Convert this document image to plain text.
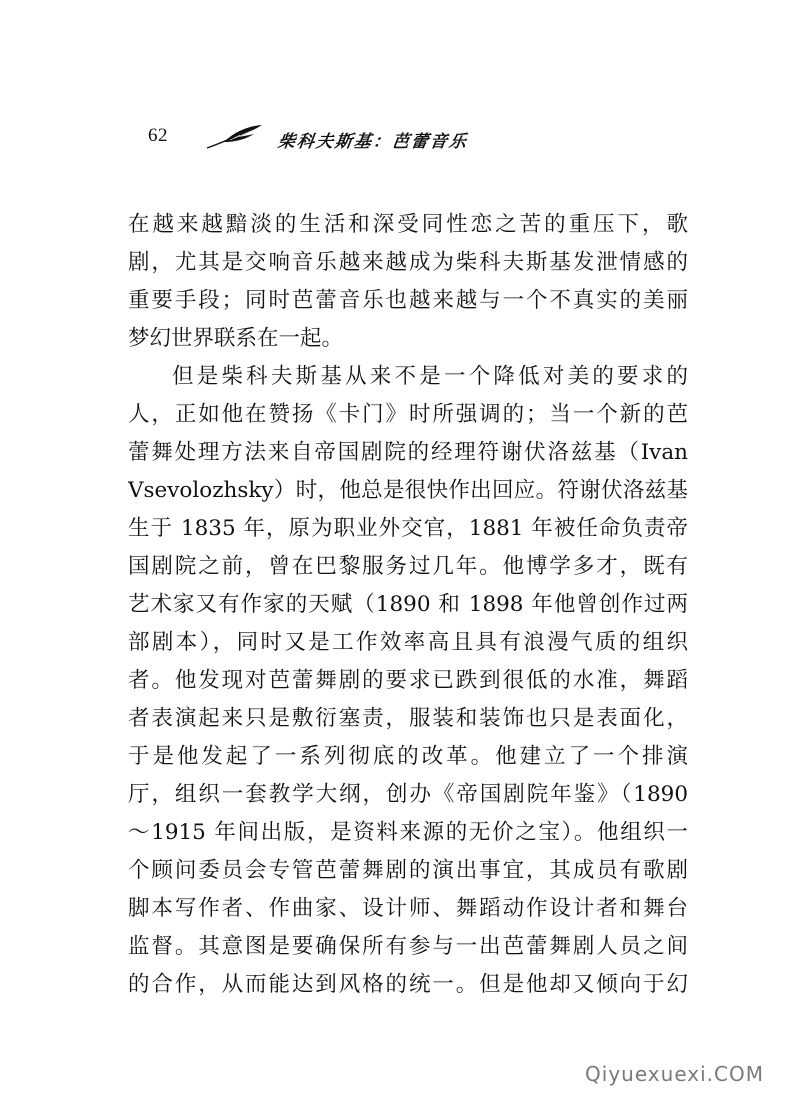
62	柴科夫斯基：芭蕾音乐
在越来越黯淡的生活和深受同性恋之苦的重压下，歌
剧，尤其是交响音乐越来越成为柴科夫斯基发泄情感的
重要手段；同时芭蕾音乐也越来越与一个不真实的美丽
梦幻世界联系在一起。
但是柴科夫斯基从来不是一个降低对美的要求的
人，正如他在赞扬《卡门》时所强调的；当一个新的芭
蕾舞处理方法来自帝国剧院的经理符谢伏洛兹基（Ivan
Vsevolozhsky）时，他总是很快作出回应。符谢伏洛兹基
生于 1835 年，原为职业外交官，1881 年被任命负责帝
国剧院之前，曾在巴黎服务过几年。他博学多才，既有
艺术家又有作家的天赋（1890 和 1898 年他曾创作过两
部剧本），同时又是工作效率高且具有浪漫气质的组织
者。他发现对芭蕾舞剧的要求已跌到很低的水准，舞蹈
者表演起来只是敷衍塞责，服装和装饰也只是表面化，
于是他发起了一系列彻底的改革。他建立了一个排演
厅，组织一套教学大纲，创办《帝国剧院年鉴》（1890
～1915 年间出版，是资料来源的无价之宝）。他组织一
个顾问委员会专管芭蕾舞剧的演出事宜，其成员有歌剧
脚本写作者、作曲家、设计师、舞蹈动作设计者和舞台
监督。其意图是要确保所有参与一出芭蕾舞剧人员之间
的合作，从而能达到风格的统一。但是他却又倾向于幻
Qiyuexuexi.COM
